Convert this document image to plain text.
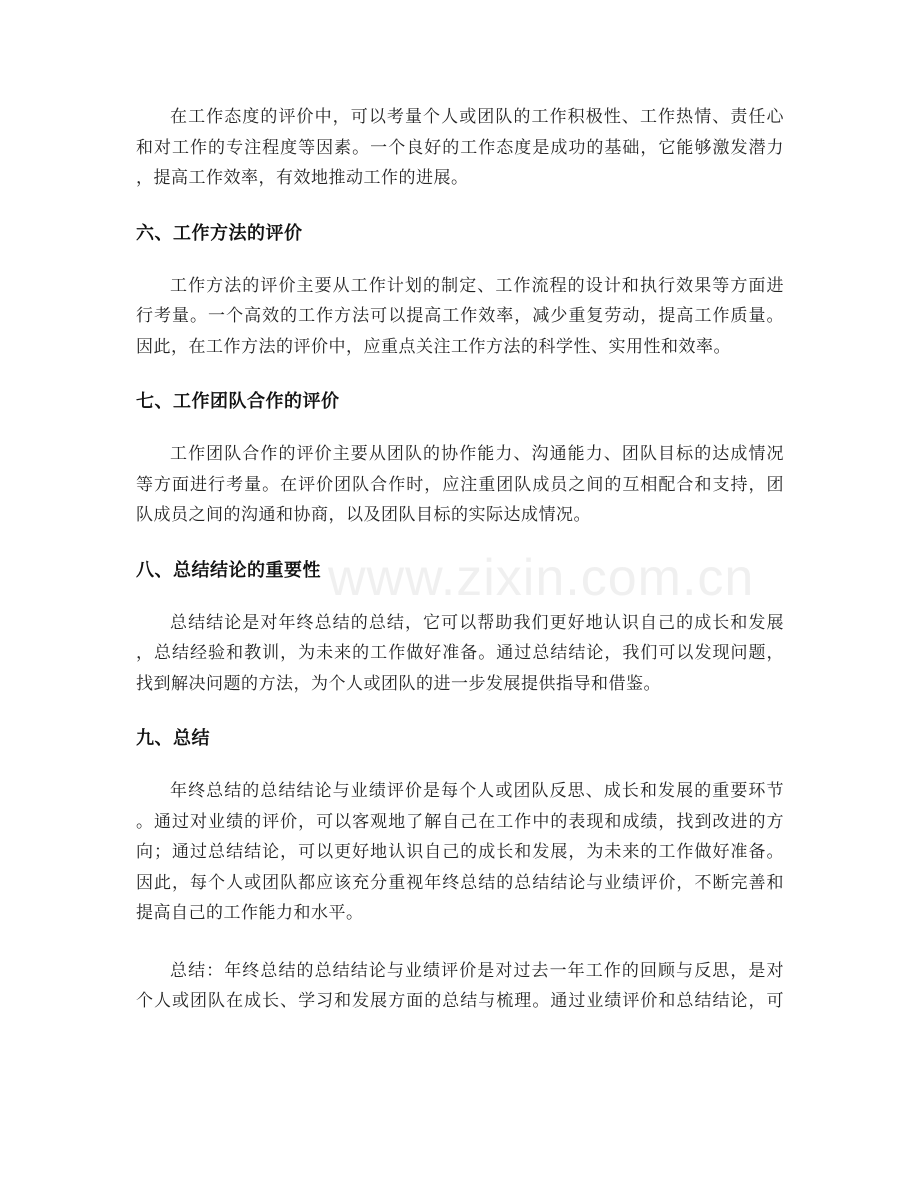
在工作态度的评价中，可以考量个人或团队的工作积极性、工作热情、责任心
和对工作的专注程度等因素。一个良好的工作态度是成功的基础，它能够激发潜力
，提高工作效率，有效地推动工作的进展。
六、工作方法的评价
工作方法的评价主要从工作计划的制定、工作流程的设计和执行效果等方面进
行考量。一个高效的工作方法可以提高工作效率，减少重复劳动，提高工作质量。
因此，在工作方法的评价中，应重点关注工作方法的科学性、实用性和效率。
七、工作团队合作的评价
工作团队合作的评价主要从团队的协作能力、沟通能力、团队目标的达成情况
等方面进行考量。在评价团队合作时，应注重团队成员之间的互相配合和支持，团
队成员之间的沟通和协商，以及团队目标的实际达成情况。
八、总结结论的重要性
总结结论是对年终总结的总结，它可以帮助我们更好地认识自己的成长和发展
，总结经验和教训，为未来的工作做好准备。通过总结结论，我们可以发现问题，
找到解决问题的方法，为个人或团队的进一步发展提供指导和借鉴。
九、总结
年终总结的总结结论与业绩评价是每个人或团队反思、成长和发展的重要环节
。通过对业绩的评价，可以客观地了解自己在工作中的表现和成绩，找到改进的方
向；通过总结结论，可以更好地认识自己的成长和发展，为未来的工作做好准备。
因此，每个人或团队都应该充分重视年终总结的总结结论与业绩评价，不断完善和
提高自己的工作能力和水平。
总结：年终总结的总结结论与业绩评价是对过去一年工作的回顾与反思，是对
个人或团队在成长、学习和发展方面的总结与梳理。通过业绩评价和总结结论，可
www.zixin.com.cn
